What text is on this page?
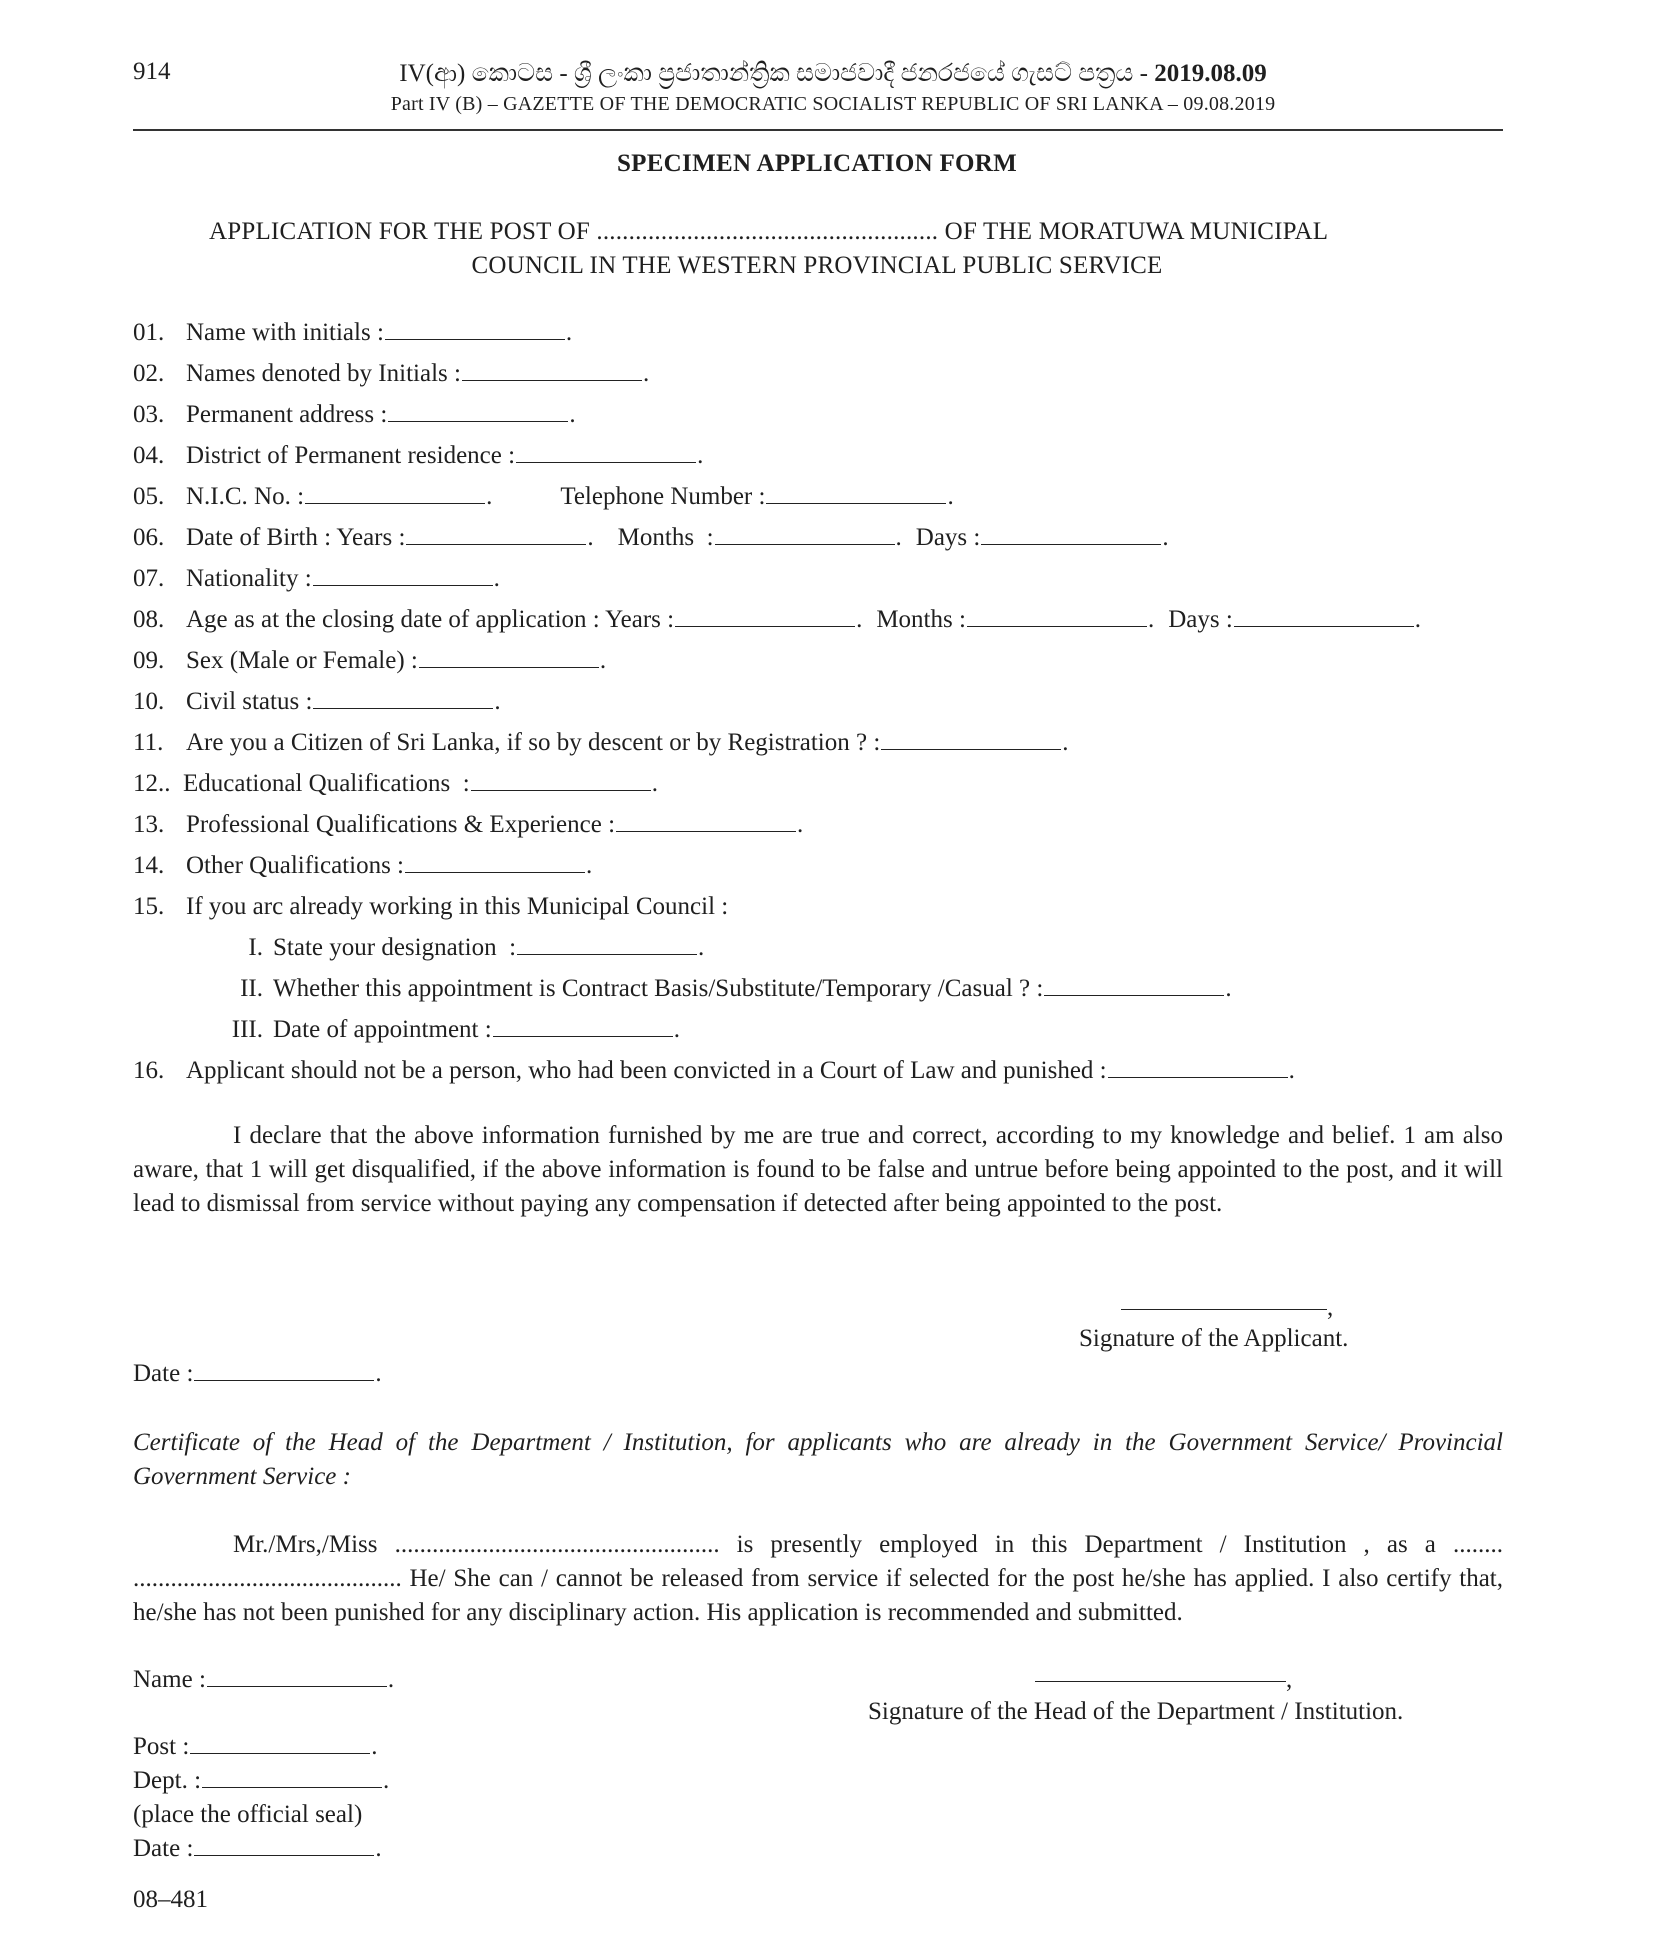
914	IV(ආ) කොටස - ශ්‍රී ලංකා ප්‍රජාතාන්ත්‍රික සමාජවාදී ජනරජයේ ගැසට් පත්‍රය - 2019.08.09
Part IV (B) – GAZETTE OF THE DEMOCRATIC SOCIALIST REPUBLIC OF SRI LANKA – 09.08.2019
SPECIMEN APPLICATION FORM
APPLICATION FOR THE POST OF ..................................................... OF THE MORATUWA MUNICIPAL
COUNCIL IN THE WESTERN PROVINCIAL PUBLIC SERVICE
01. Name with initials :	.
02. Names denoted by Initials :	.
03. Permanent address :	.
04. District of Permanent residence :	.
05. N.I.C. No. :	.	Telephone Number :	.
06. Date of Birth : Years :	. Months  :	. Days :	.
07. Nationality :	.
08. Age as at the closing date of application : Years :	. Months :	. Days :	.
09. Sex (Male or Female) :	.
10. Civil status :	.
11. Are you a Citizen of Sri Lanka, if so by descent or by Registration ? :	.
12.. Educational Qualifications  :	.
13. Professional Qualifications & Experience :	.
14. Other Qualifications :	.
15. If you arc already working in this Municipal Council :
I. State your designation  :	.
II. Whether this appointment is Contract Basis/Substitute/Temporary /Casual ? :	.
III. Date of appointment :	.
16. Applicant should not be a person, who had been convicted in a Court of Law and punished :	.
I declare that the above information furnished by me are true and correct, according to my knowledge and belief. 1 am also aware, that 1 will get disqualified, if the above information is found to be false and untrue before being appointed to the post, and it will lead to dismissal from service without paying any compensation if detected after being appointed to the post.
,
Signature of the Applicant.
Date :	.
Certificate of the Head of the Department / Institution, for applicants who are already in the Government Service/ Provincial Government Service :
Mr./Mrs,/Miss .................................................... is presently employed in this Department / Institution , as a ........ ........................................... He/ She can / cannot be released from service if selected for the post he/she has applied. I also certify that, he/she has not been punished for any disciplinary action. His application is recommended and submitted.
Name :	.	,
Signature of the Head of the Department / Institution.
Post :	.
Dept. :	.
(place the official seal)
Date :	.
08–481
